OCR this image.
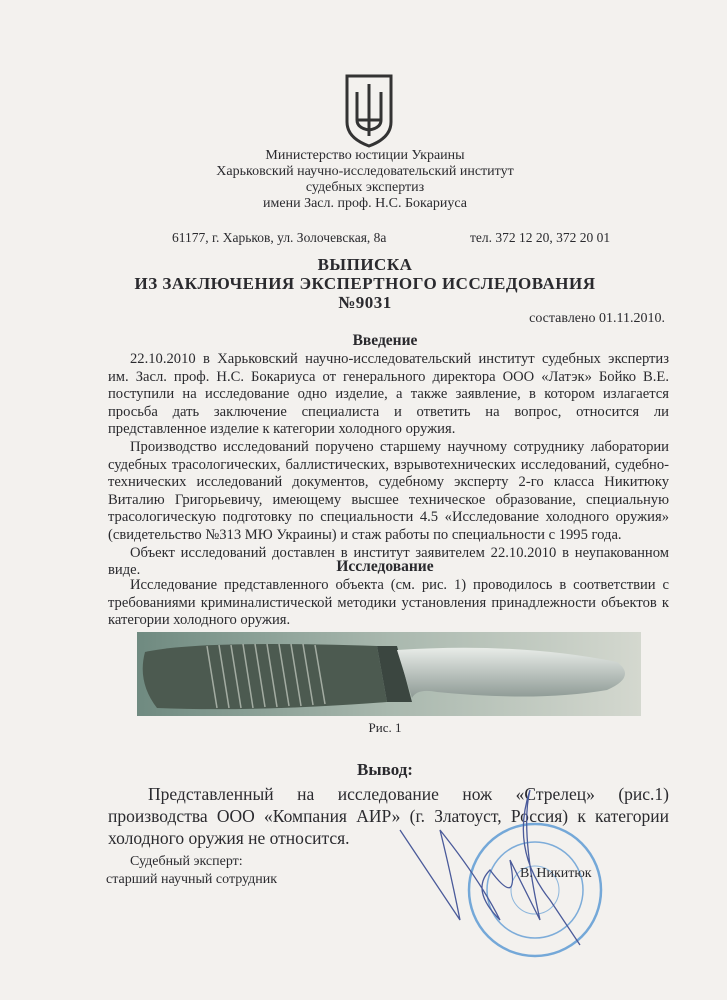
Министерство юстиции Украины
Харьковский научно-исследовательский институт
судебных экспертиз
имени Засл. проф. Н.С. Бокариуса
61177, г. Харьков, ул. Золочевская, 8а	тел. 372 12 20, 372 20 01
ВЫПИСКА
ИЗ ЗАКЛЮЧЕНИЯ ЭКСПЕРТНОГО ИССЛЕДОВАНИЯ
№9031
составлено 01.11.2010.
Введение

22.10.2010 в Харьковский научно-исследовательский институт судебных экспертиз им. Засл. проф. Н.С. Бокариуса от генерального директора ООО «Латэк» Бойко В.Е. поступили на исследование одно изделие, а также заявление, в котором излагается просьба дать заключение специалиста и ответить на вопрос, относится ли представленное изделие к категории холодного оружия.

Производство исследований поручено старшему научному сотруднику лаборатории судебных трасологических, баллистических, взрывотехнических исследований, судебно-технических исследований документов, судебному эксперту 2-го класса Никитюку Виталию Григорьевичу, имеющему высшее техническое образование, специальную трасологическую подготовку по специальности 4.5 «Исследование холодного оружия» (свидетельство №313 МЮ Украины) и стаж работы по специальности с 1995 года.

Объект исследований доставлен в институт заявителем 22.10.2010 в неупакованном виде.	Исследование

Исследование представленного объекта (см. рис. 1) проводилось в соответствии с требованиями криминалистической методики установления принадлежности объектов к категории холодного оружия.

Рис. 1
Вывод:

Представленный на исследование нож «Стрелец» (рис.1) производства ООО «Компания АИР» (г. Златоуст, Россия) к категории холодного оружия не относится.

Судебный эксперт:
старший научный сотрудник	В. Никитюк
